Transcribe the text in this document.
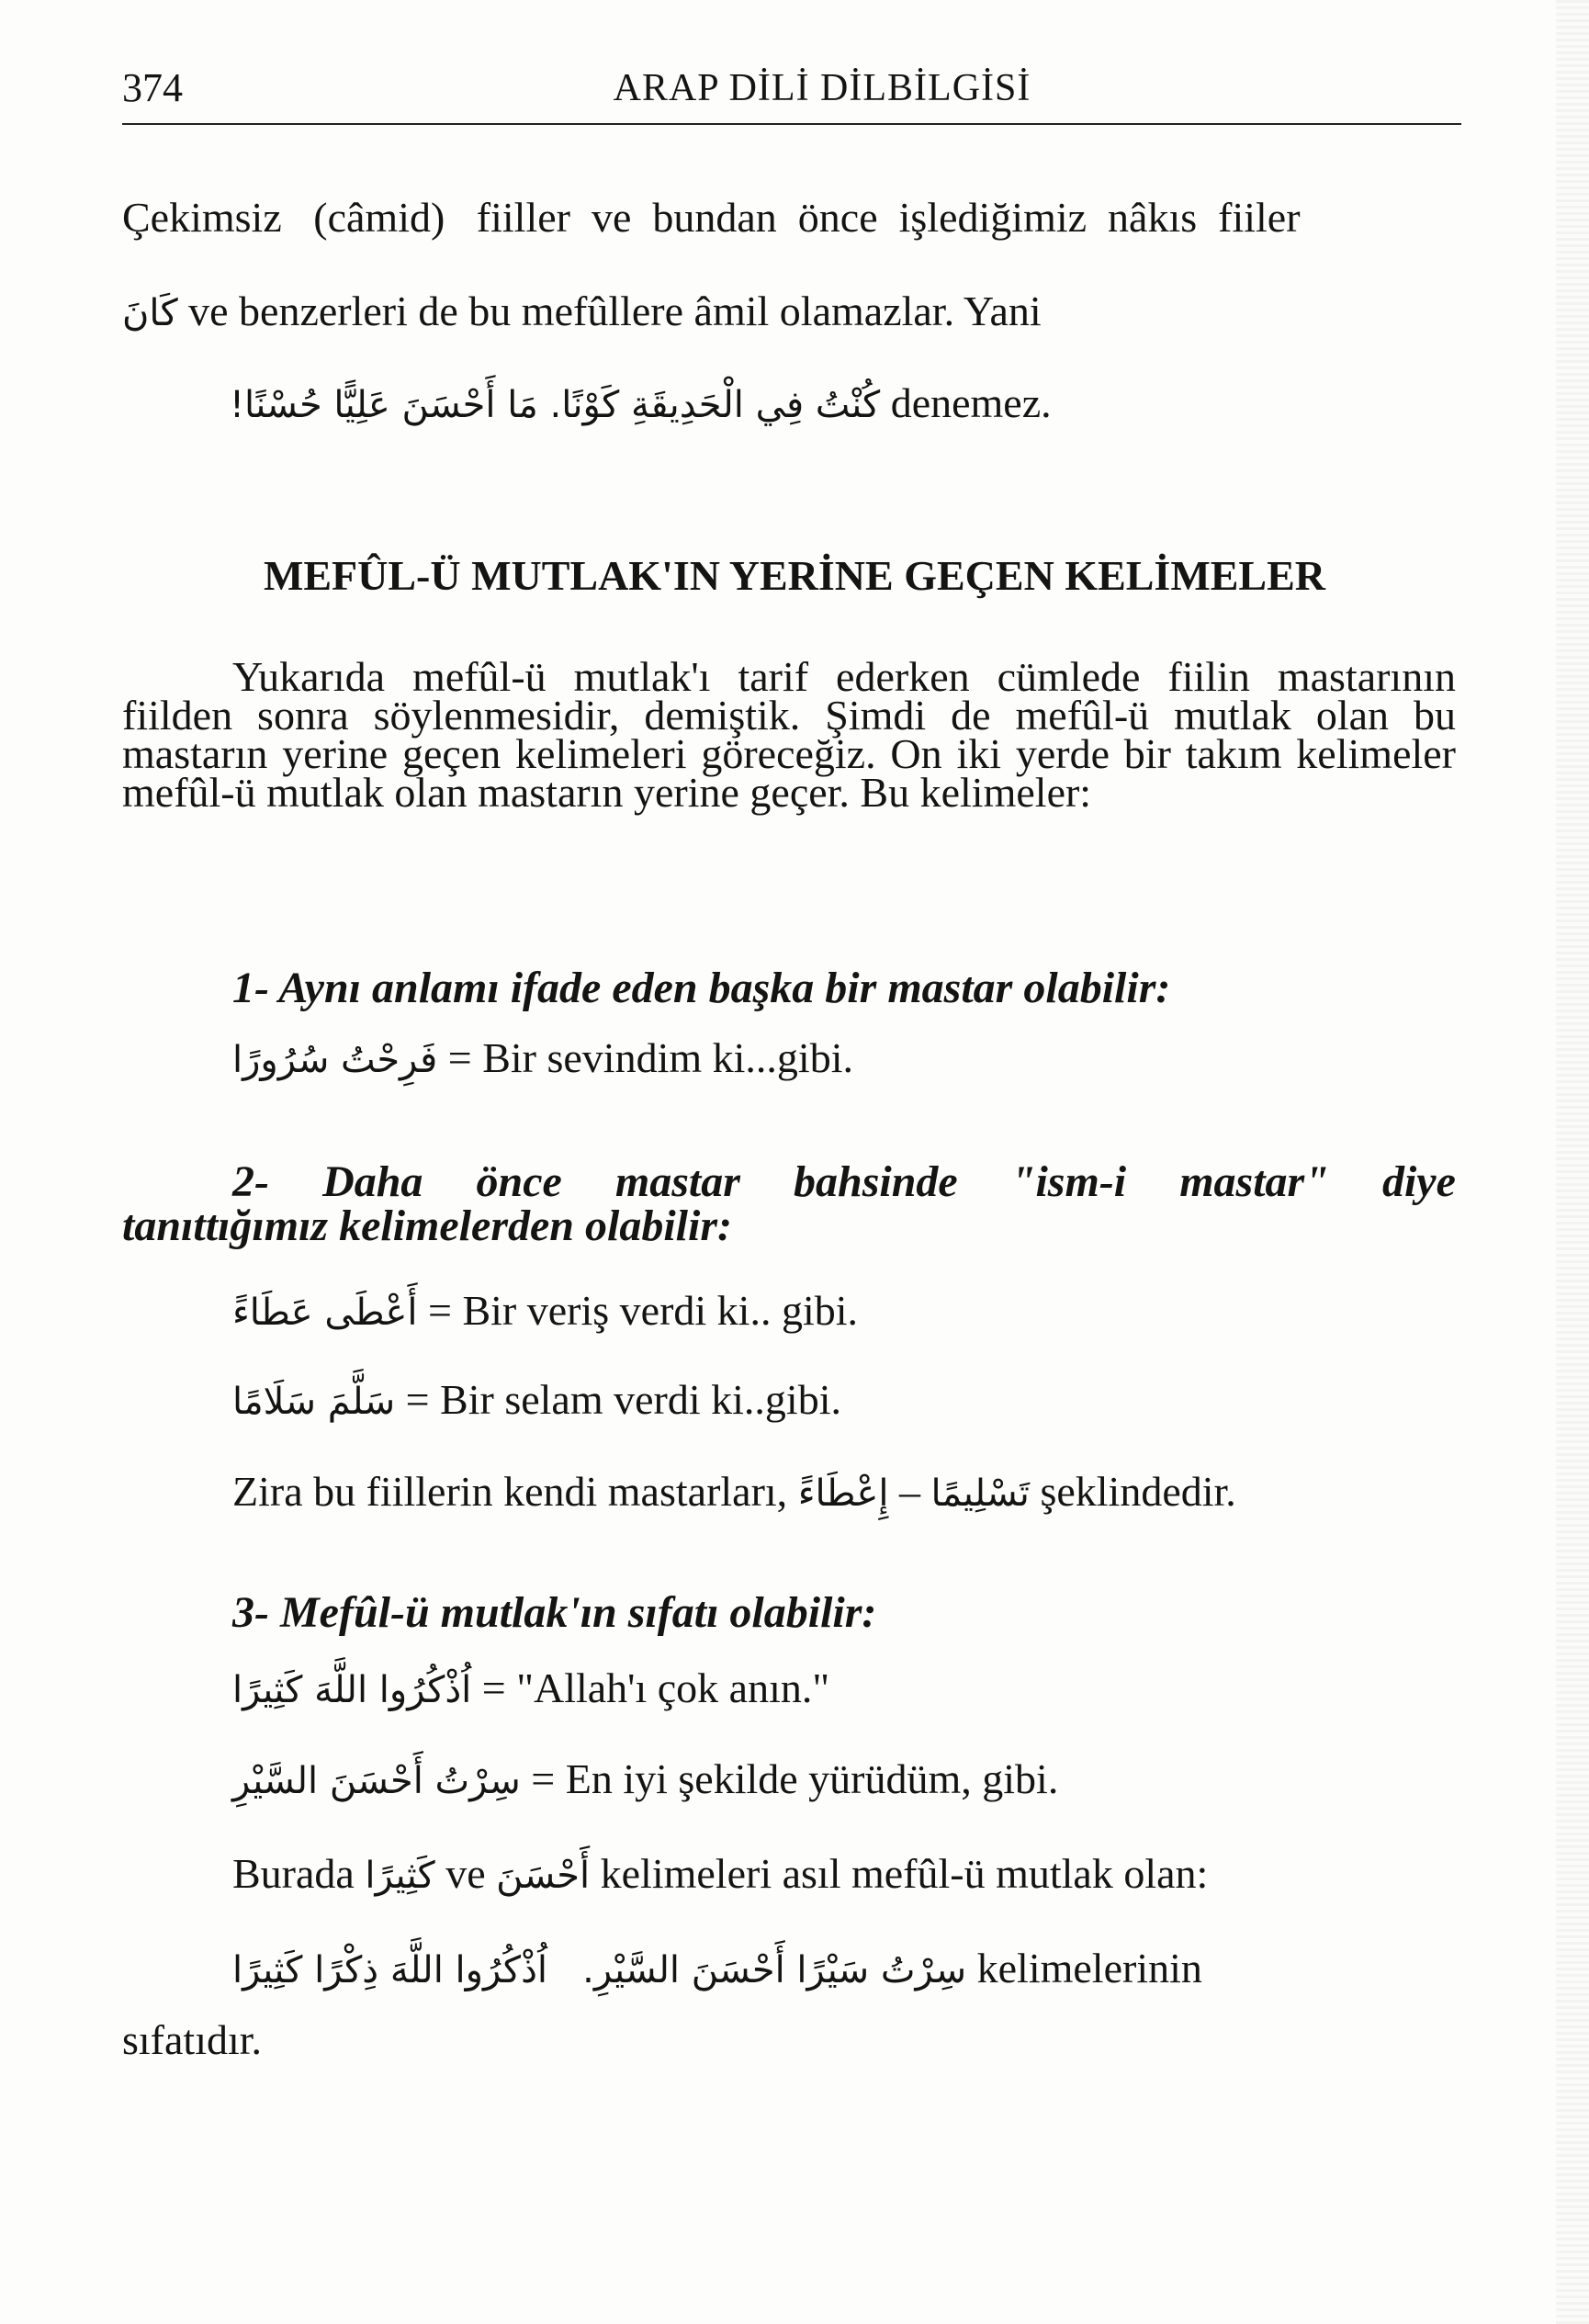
374	ARAP DİLİ DİLBİLGİSİ
Çekimsiz   (câmid)   fiiller  ve  bundan  önce  işlediğimiz  nâkıs  fiiler
كَانَ ve benzerleri de bu mefûllere âmil olamazlar. Yani
كُنْتُ فِي الْحَدِيقَةِ كَوْنًا. مَا أَحْسَنَ عَلِيًّا حُسْنًا! denemez.
MEFÛL-Ü MUTLAK'IN YERİNE GEÇEN KELİMELER
Yukarıda mefûl-ü mutlak'ı tarif ederken cümlede fiilin mastarının fiilden sonra söylenmesidir, demiştik. Şimdi de mefûl-ü mutlak olan bu mastarın yerine geçen kelimeleri göreceğiz. On iki yerde bir takım kelimeler mefûl-ü mutlak olan mastarın yerine geçer. Bu kelimeler:
1- Aynı anlamı ifade eden başka bir mastar olabilir:
فَرِحْتُ سُرُورًا = Bir sevindim ki...gibi.
2- Daha önce mastar bahsinde "ism-i mastar" diye
tanıttığımız kelimelerden olabilir:
أَعْطَى عَطَاءً = Bir veriş verdi ki.. gibi.
سَلَّمَ سَلَامًا = Bir selam verdi ki..gibi.
Zira bu fiillerin kendi mastarları, إِعْطَاءً – تَسْلِيمًا şeklindedir.
3- Mefûl-ü mutlak'ın sıfatı olabilir:
اُذْكُرُوا اللَّهَ كَثِيرًا = "Allah'ı çok anın."
سِرْتُ أَحْسَنَ السَّيْرِ = En iyi şekilde yürüdüm, gibi.
Burada كَثِيرًا ve أَحْسَنَ kelimeleri asıl mefûl-ü mutlak olan:
سِرْتُ سَيْرًا أَحْسَنَ السَّيْرِ.   اُذْكُرُوا اللَّهَ ذِكْرًا كَثِيرًا kelimelerinin
sıfatıdır.
